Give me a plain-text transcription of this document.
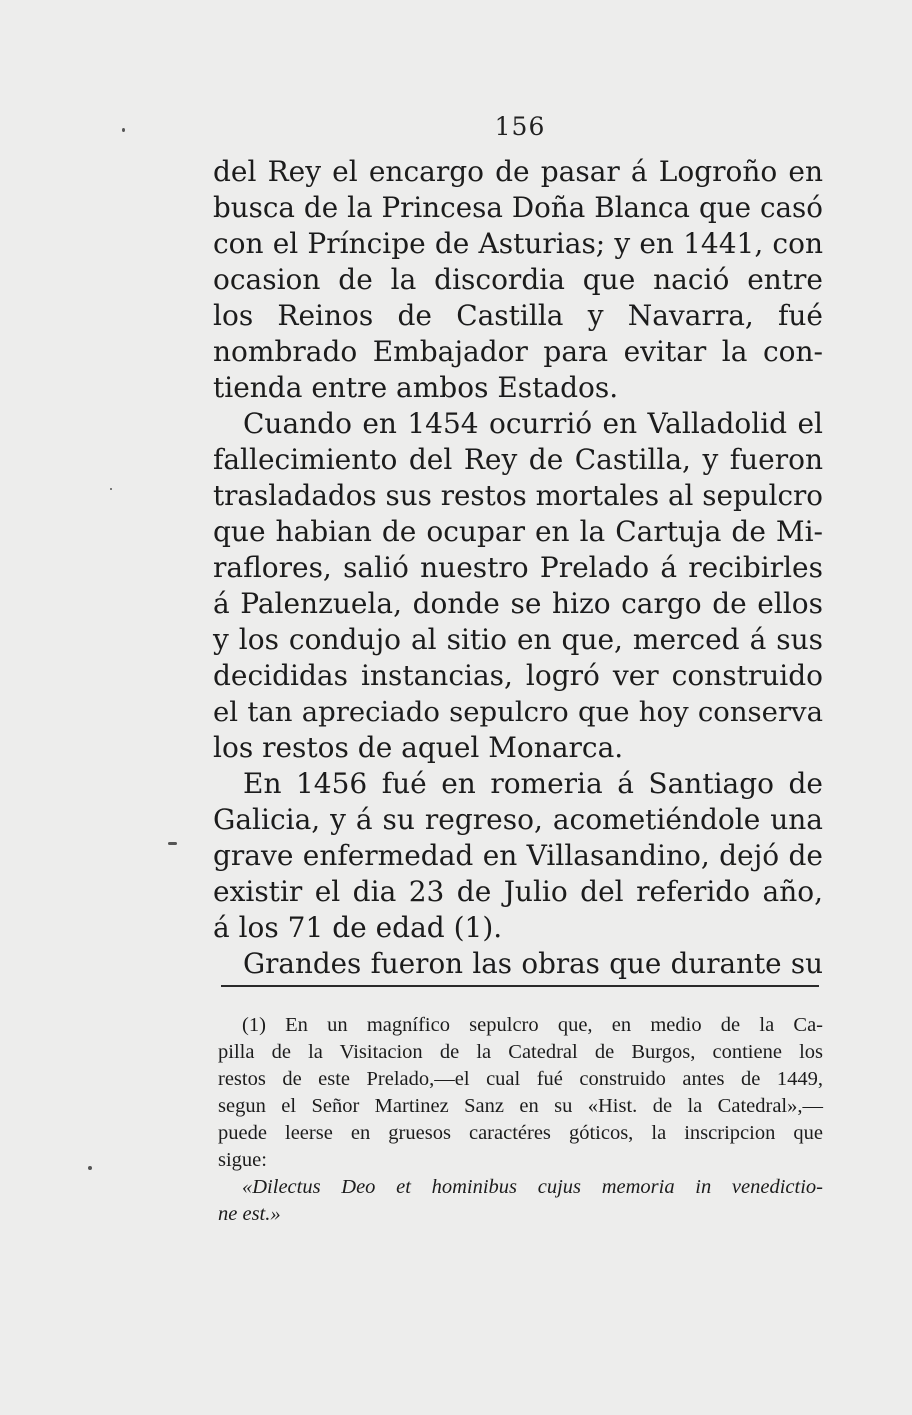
156
del Rey el encargo de pasar á Logroño en
busca de la Princesa Doña Blanca que casó
con el Príncipe de Asturias; y en 1441, con
ocasion de la discordia que nació entre
los Reinos de Castilla y Navarra, fué
nombrado Embajador para evitar la con-
tienda entre ambos Estados.
Cuando en 1454 ocurrió en Valladolid el
fallecimiento del Rey de Castilla, y fueron
trasladados sus restos mortales al sepulcro
que habian de ocupar en la Cartuja de Mi-
raflores, salió nuestro Prelado á recibirles
á Palenzuela, donde se hizo cargo de ellos
y los condujo al sitio en que, merced á sus
decididas instancias, logró ver construido
el tan apreciado sepulcro que hoy conserva
los restos de aquel Monarca.
En 1456 fué en romeria á Santiago de
Galicia, y á su regreso, acometiéndole una
grave enfermedad en Villasandino, dejó de
existir el dia 23 de Julio del referido año,
á los 71 de edad (1).
Grandes fueron las obras que durante su
(1) En un magnífico sepulcro que, en medio de la Ca-
pilla de la Visitacion de la Catedral de Burgos, contiene los
restos de este Prelado,—el cual fué construido antes de 1449,
segun el Señor Martinez Sanz en su «Hist. de la Catedral»,—
puede leerse en gruesos caractéres góticos, la inscripcion que
sigue:
«Dilectus Deo et hominibus cujus memoria in venedictio-
ne est.»
